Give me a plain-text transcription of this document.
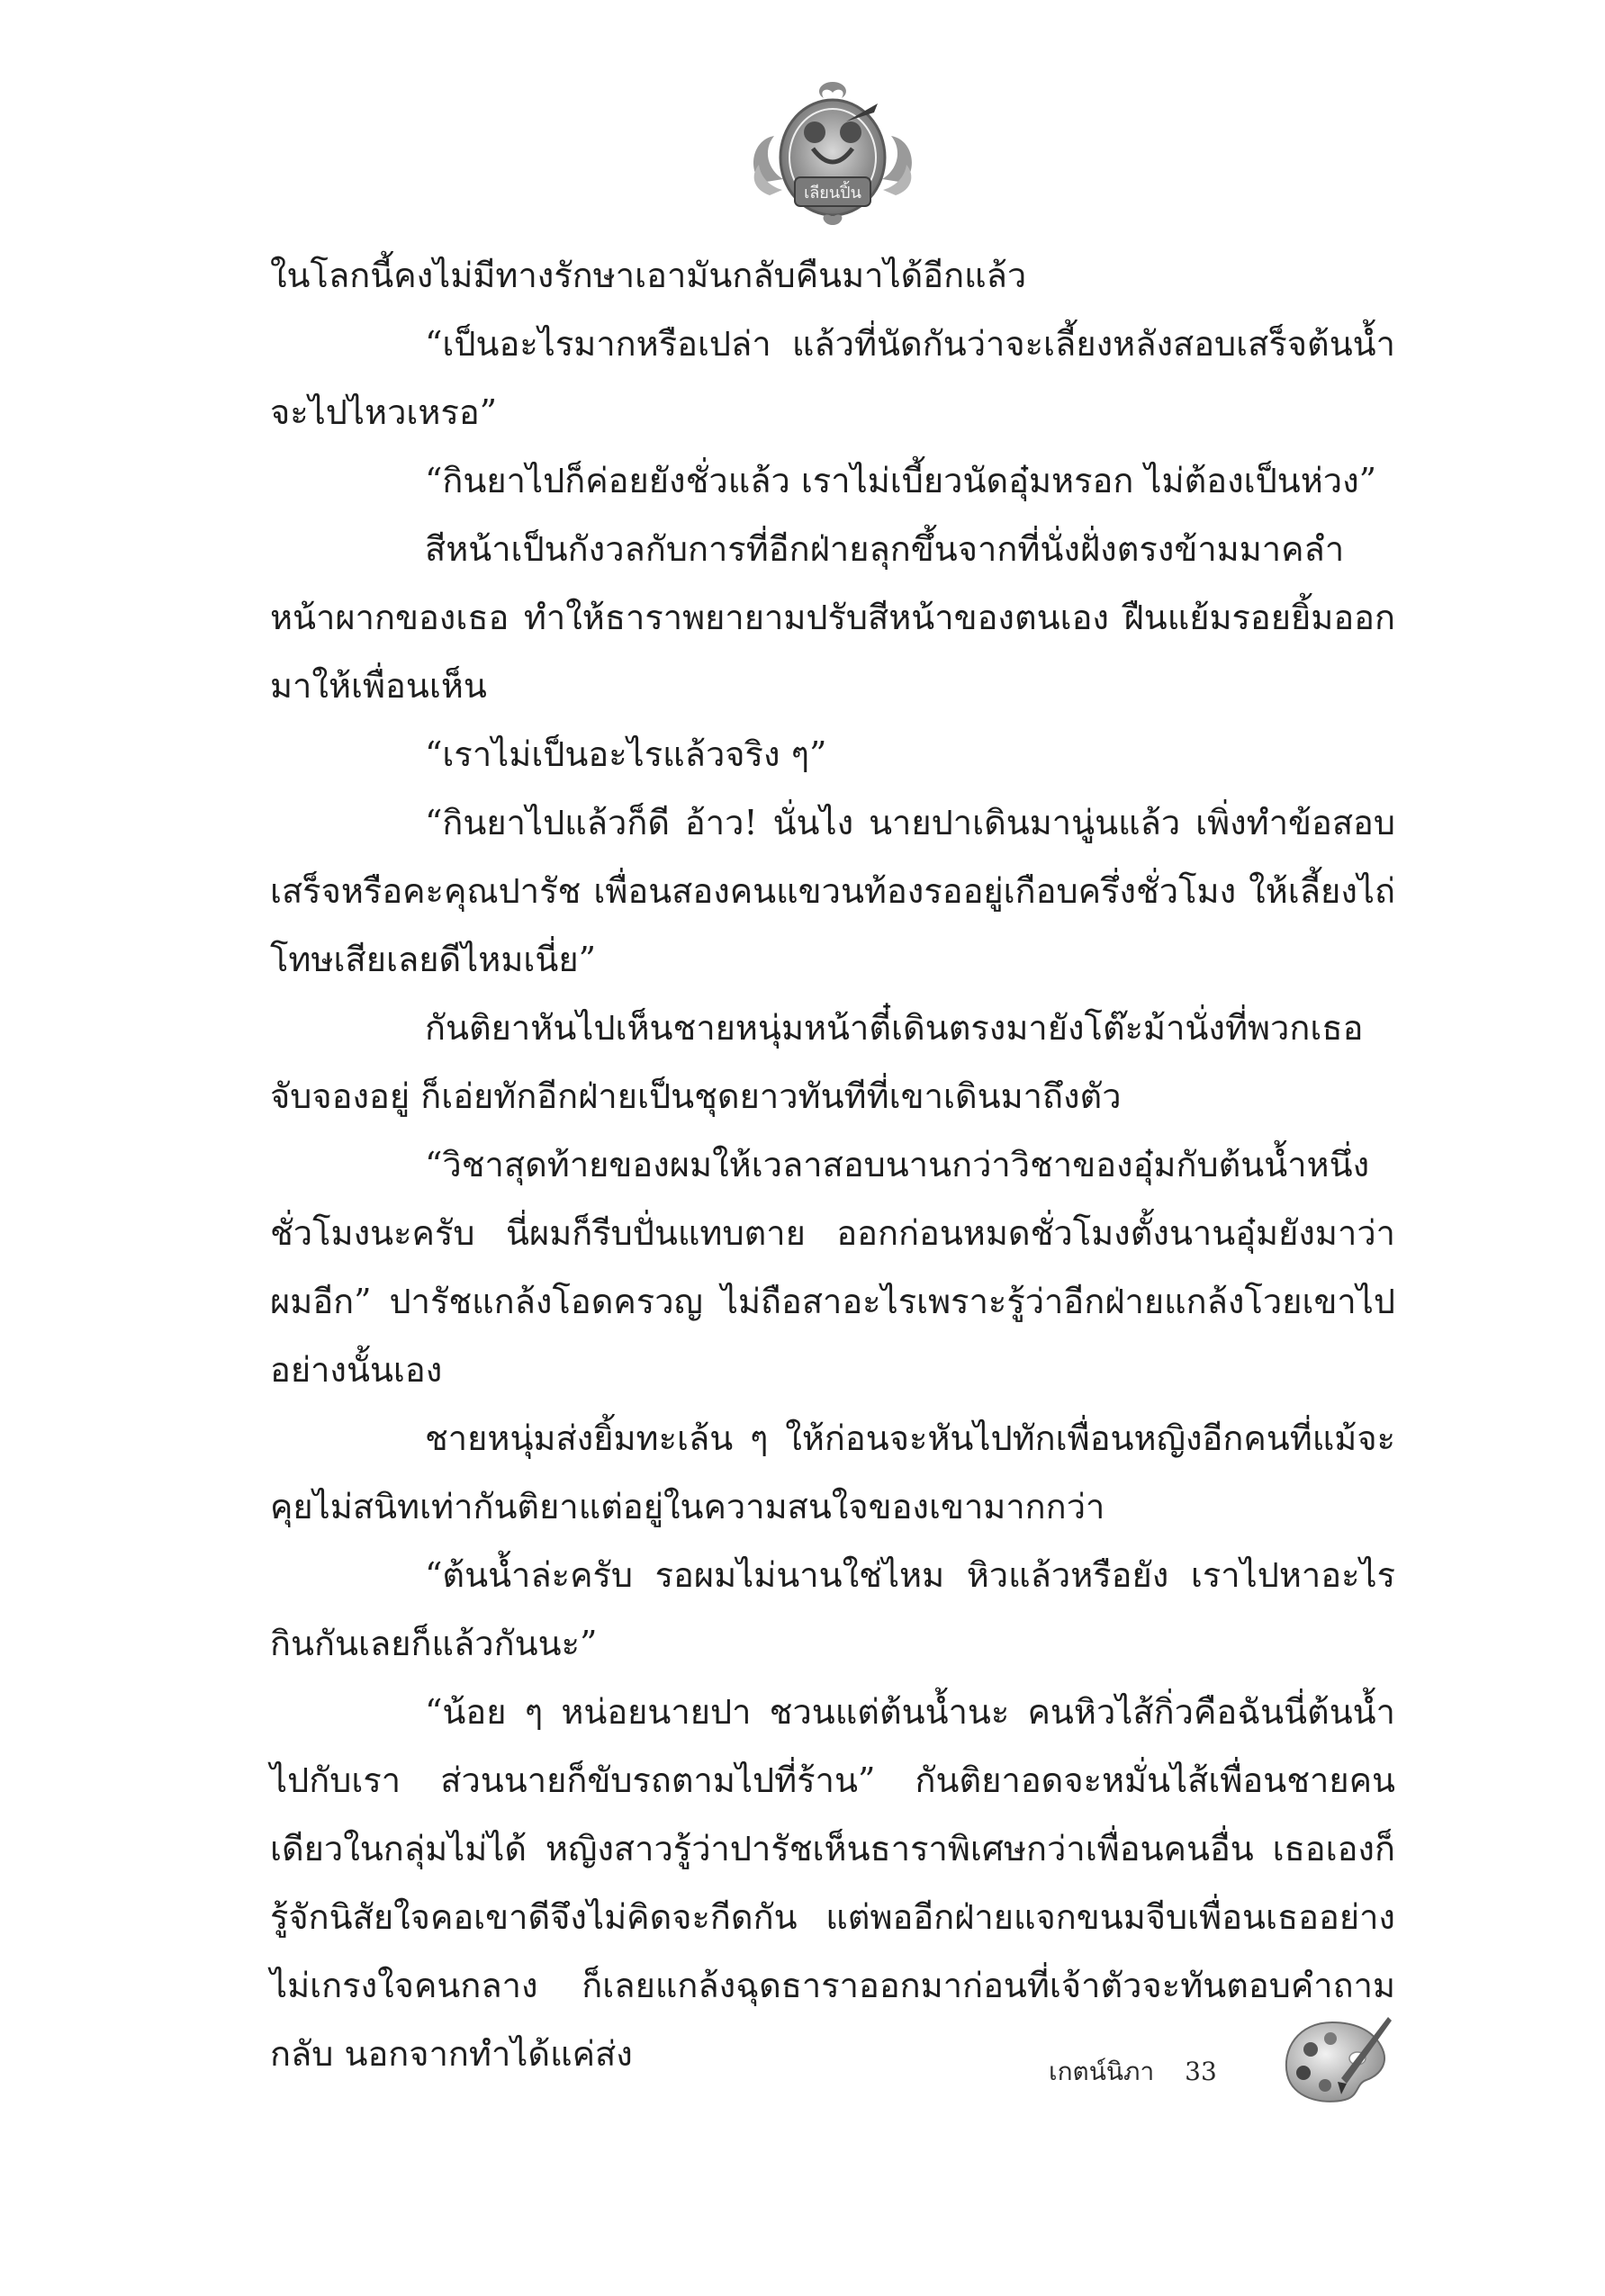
เลียนปิ้น

ในโลกนี้คงไม่มีทางรักษาเอามันกลับคืนมาได้อีกแล้ว

“เป็นอะไรมากหรือเปล่า แล้วที่นัดกันว่าจะเลี้ยงหลังสอบเสร็จต้นน้ำจะไปไหวเหรอ”

“กินยาไปก็ค่อยยังชั่วแล้ว เราไม่เบี้ยวนัดอุ๋มหรอก ไม่ต้องเป็นห่วง”

สีหน้าเป็นกังวลกับการที่อีกฝ่ายลุกขึ้นจากที่นั่งฝั่งตรงข้ามมาคลำหน้าผากของเธอ ทำให้ธาราพยายามปรับสีหน้าของตนเอง ฝืนแย้มรอยยิ้มออกมาให้เพื่อนเห็น

“เราไม่เป็นอะไรแล้วจริง ๆ”

“กินยาไปแล้วก็ดี อ้าว! นั่นไง นายปาเดินมานู่นแล้ว เพิ่งทำข้อสอบเสร็จหรือคะคุณปารัช เพื่อนสองคนแขวนท้องรออยู่เกือบครึ่งชั่วโมง ให้เลี้ยงไถ่โทษเสียเลยดีไหมเนี่ย”

กันติยาหันไปเห็นชายหนุ่มหน้าตี๋เดินตรงมายังโต๊ะม้านั่งที่พวกเธอจับจองอยู่ ก็เอ่ยทักอีกฝ่ายเป็นชุดยาวทันทีที่เขาเดินมาถึงตัว

“วิชาสุดท้ายของผมให้เวลาสอบนานกว่าวิชาของอุ๋มกับต้นน้ำหนึ่งชั่วโมงนะครับ นี่ผมก็รีบปั่นแทบตาย ออกก่อนหมดชั่วโมงตั้งนานอุ๋มยังมาว่าผมอีก” ปารัชแกล้งโอดครวญ ไม่ถือสาอะไรเพราะรู้ว่าอีกฝ่ายแกล้งโวยเขาไปอย่างนั้นเอง

ชายหนุ่มส่งยิ้มทะเล้น ๆ ให้ก่อนจะหันไปทักเพื่อนหญิงอีกคนที่แม้จะคุยไม่สนิทเท่ากันติยาแต่อยู่ในความสนใจของเขามากกว่า

“ต้นน้ำล่ะครับ รอผมไม่นานใช่ไหม หิวแล้วหรือยัง เราไปหาอะไรกินกันเลยก็แล้วกันนะ”

“น้อย ๆ หน่อยนายปา ชวนแต่ต้นน้ำนะ คนหิวไส้กิ่วคือฉันนี่ต้นน้ำไปกับเรา ส่วนนายก็ขับรถตามไปที่ร้าน” กันติยาอดจะหมั่นไส้เพื่อนชายคนเดียวในกลุ่มไม่ได้ หญิงสาวรู้ว่าปารัชเห็นธาราพิเศษกว่าเพื่อนคนอื่น เธอเองก็รู้จักนิสัยใจคอเขาดีจึงไม่คิดจะกีดกัน แต่พออีกฝ่ายแจกขนมจีบเพื่อนเธออย่างไม่เกรงใจคนกลาง ก็เลยแกล้งฉุดธาราออกมาก่อนที่เจ้าตัวจะทันตอบคำถามกลับ นอกจากทำได้แค่ส่ง	เกตน์นิภา 33
